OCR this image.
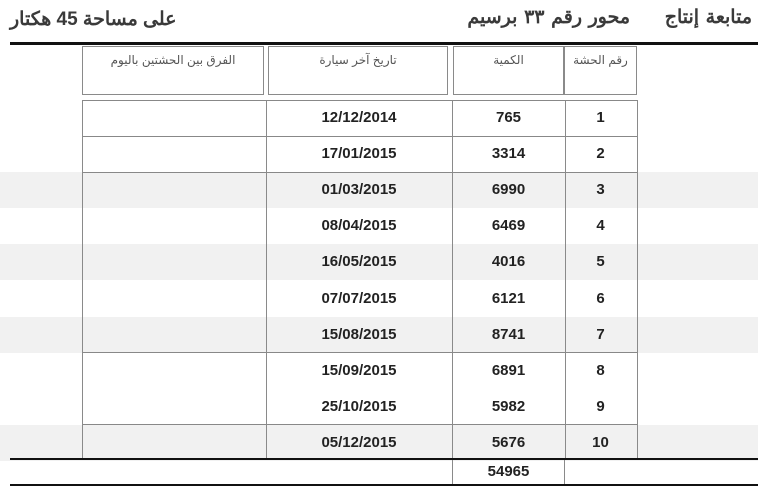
متابعة إنتاج محور رقم ٣٣ برسيم
على مساحة 45 هكتار
رقم الحشة
الكمية
تاريخ آخر سيارة
الفرق بين الحشتين باليوم
1
765
12/12/2014
2
3314
17/01/2015
3
6990
01/03/2015
4
6469
08/04/2015
5
4016
16/05/2015
6
6121
07/07/2015
7
8741
15/08/2015
8
6891
15/09/2015
9
5982
25/10/2015
10
5676
05/12/2015
54965
